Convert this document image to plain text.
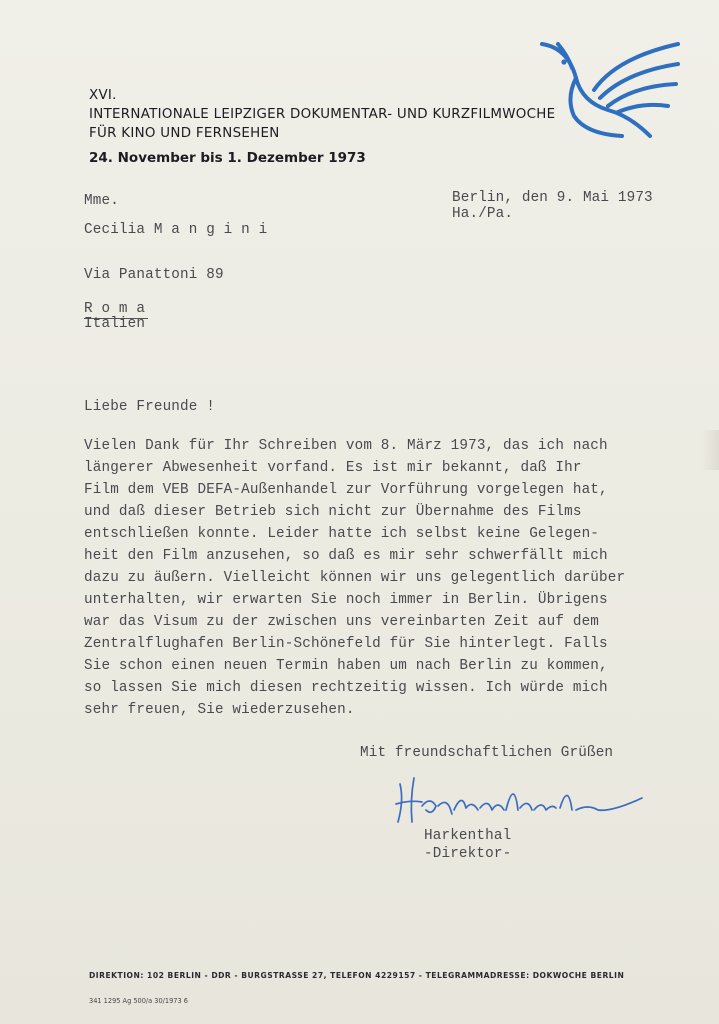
XVI.
INTERNATIONALE LEIPZIGER DOKUMENTAR- UND KURZFILMWOCHE
FÜR KINO UND FERNSEHEN
24. November bis 1. Dezember 1973
Mme.
Cecilia M a n g i n i
Via Panattoni 89
R o m a
Italien
Berlin, den 9. Mai 1973
Ha./Pa.
Liebe Freunde !
Vielen Dank für Ihr Schreiben vom 8. März 1973, das ich nach
längerer Abwesenheit vorfand. Es ist mir bekannt, daß Ihr
Film dem VEB DEFA-Außenhandel zur Vorführung vorgelegen hat,
und daß dieser Betrieb sich nicht zur Übernahme des Films
entschließen konnte. Leider hatte ich selbst keine Gelegen-
heit den Film anzusehen, so daß es mir sehr schwerfällt mich
dazu zu äußern. Vielleicht können wir uns gelegentlich darüber
unterhalten, wir erwarten Sie noch immer in Berlin. Übrigens
war das Visum zu der zwischen uns vereinbarten Zeit auf dem
Zentralflughafen Berlin-Schönefeld für Sie hinterlegt. Falls
Sie schon einen neuen Termin haben um nach Berlin zu kommen,
so lassen Sie mich diesen rechtzeitig wissen. Ich würde mich
sehr freuen, Sie wiederzusehen.
Mit freundschaftlichen Grüßen
Harkenthal
-Direktor-
DIREKTION: 102 BERLIN - DDR - BURGSTRASSE 27, TELEFON 4229157 - TELEGRAMMADRESSE: DOKWOCHE BERLIN
341 1295 Ag 500/a 30/1973 6
